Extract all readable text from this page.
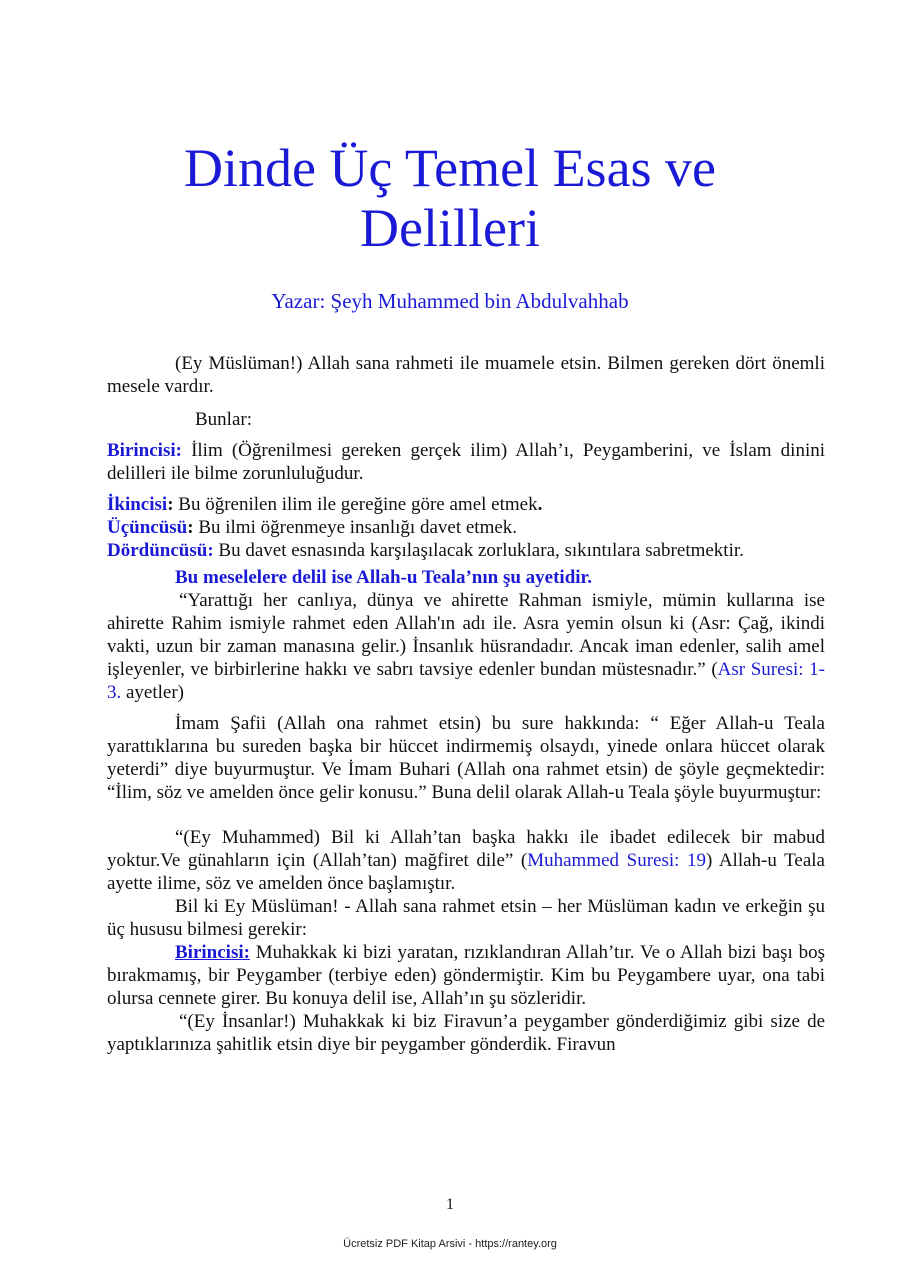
Dinde Üç Temel Esas ve
Delilleri
Yazar: Şeyh Muhammed bin Abdulvahhab

(Ey Müslüman!) Allah sana rahmeti ile muamele etsin. Bilmen gereken dört önemli mesele vardır.

Bunlar:

Birincisi: İlim (Öğrenilmesi gereken gerçek ilim) Allah’ı, Peygamberini, ve İslam dinini delilleri ile bilme zorunluluğudur.

İkincisi: Bu öğrenilen ilim ile gereğine göre amel etmek.

Üçüncüsü: Bu ilmi öğrenmeye insanlığı davet etmek.

Dördüncüsü: Bu davet esnasında karşılaşılacak zorluklara, sıkıntılara sabretmektir.

Bu meselelere delil ise Allah-u Teala’nın şu ayetidir.

“Yarattığı her canlıya, dünya ve ahirette Rahman ismiyle, mümin kullarına ise ahirette Rahim ismiyle rahmet eden Allah'ın adı ile. Asra yemin olsun ki (Asr: Çağ, ikindi vakti, uzun bir zaman manasına gelir.) İnsanlık hüsrandadır. Ancak iman edenler, salih amel işleyenler, ve birbirlerine hakkı ve sabrı tavsiye edenler bundan müstesnadır.” (Asr Suresi: 1-3. ayetler)

İmam Şafii (Allah ona rahmet etsin) bu sure hakkında: “ Eğer Allah-u Teala yarattıklarına bu sureden başka bir hüccet indirmemiş olsaydı, yinede onlara hüccet olarak yeterdi” diye buyurmuştur. Ve İmam Buhari (Allah ona rahmet etsin) de şöyle geçmektedir: “İlim, söz ve amelden önce gelir konusu.” Buna delil olarak Allah-u Teala şöyle buyurmuştur:

“(Ey Muhammed) Bil ki Allah’tan başka hakkı ile ibadet edilecek bir mabud yoktur.Ve günahların için (Allah’tan) mağfiret dile” (Muhammed Suresi: 19) Allah-u Teala ayette ilime, söz ve amelden önce başlamıştır.

Bil ki Ey Müslüman! - Allah sana rahmet etsin – her Müslüman kadın ve erkeğin şu üç hususu bilmesi gerekir:

Birincisi: Muhakkak ki bizi yaratan, rızıklandıran Allah’tır. Ve o Allah bizi başı boş bırakmamış, bir Peygamber (terbiye eden) göndermiştir. Kim bu Peygambere uyar, ona tabi olursa cennete girer. Bu konuya delil ise, Allah’ın şu sözleridir.

“(Ey İnsanlar!) Muhakkak ki biz Firavun’a peygamber gönderdiğimiz gibi size de yaptıklarınıza şahitlik etsin diye bir peygamber gönderdik. Firavun

1
Ücretsiz PDF Kitap Arsivi - https://rantey.org
